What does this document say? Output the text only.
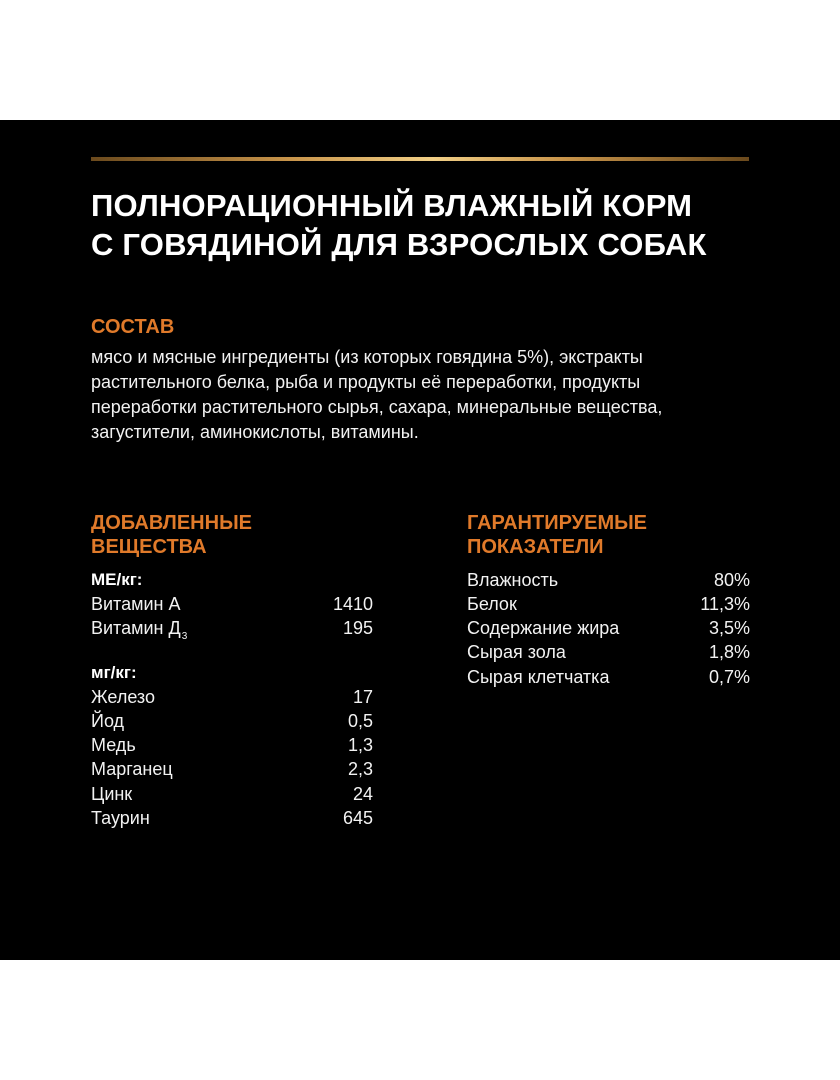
ПОЛНОРАЦИОННЫЙ ВЛАЖНЫЙ КОРМ
С ГОВЯДИНОЙ ДЛЯ ВЗРОСЛЫХ СОБАК
СОСТАВ
мясо и мясные ингредиенты (из которых говядина 5%), экстракты
растительного белка, рыба и продукты её переработки, продукты
переработки растительного сырья, сахара, минеральные вещества,
загустители, аминокислоты, витамины.
ДОБАВЛЕННЫЕ
ВЕЩЕСТВА
МЕ/кг:
Витамин А	1410
Витамин $Д_3$	195
мг/кг:
Железо	17
Йод	0,5
Медь	1,3
Марганец	2,3
Цинк	24
Таурин	645
ГАРАНТИРУЕМЫЕ
ПОКАЗАТЕЛИ
Влажность	80%
Белок	11,3%
Содержание жира	3,5%
Сырая зола	1,8%
Сырая клетчатка	0,7%
